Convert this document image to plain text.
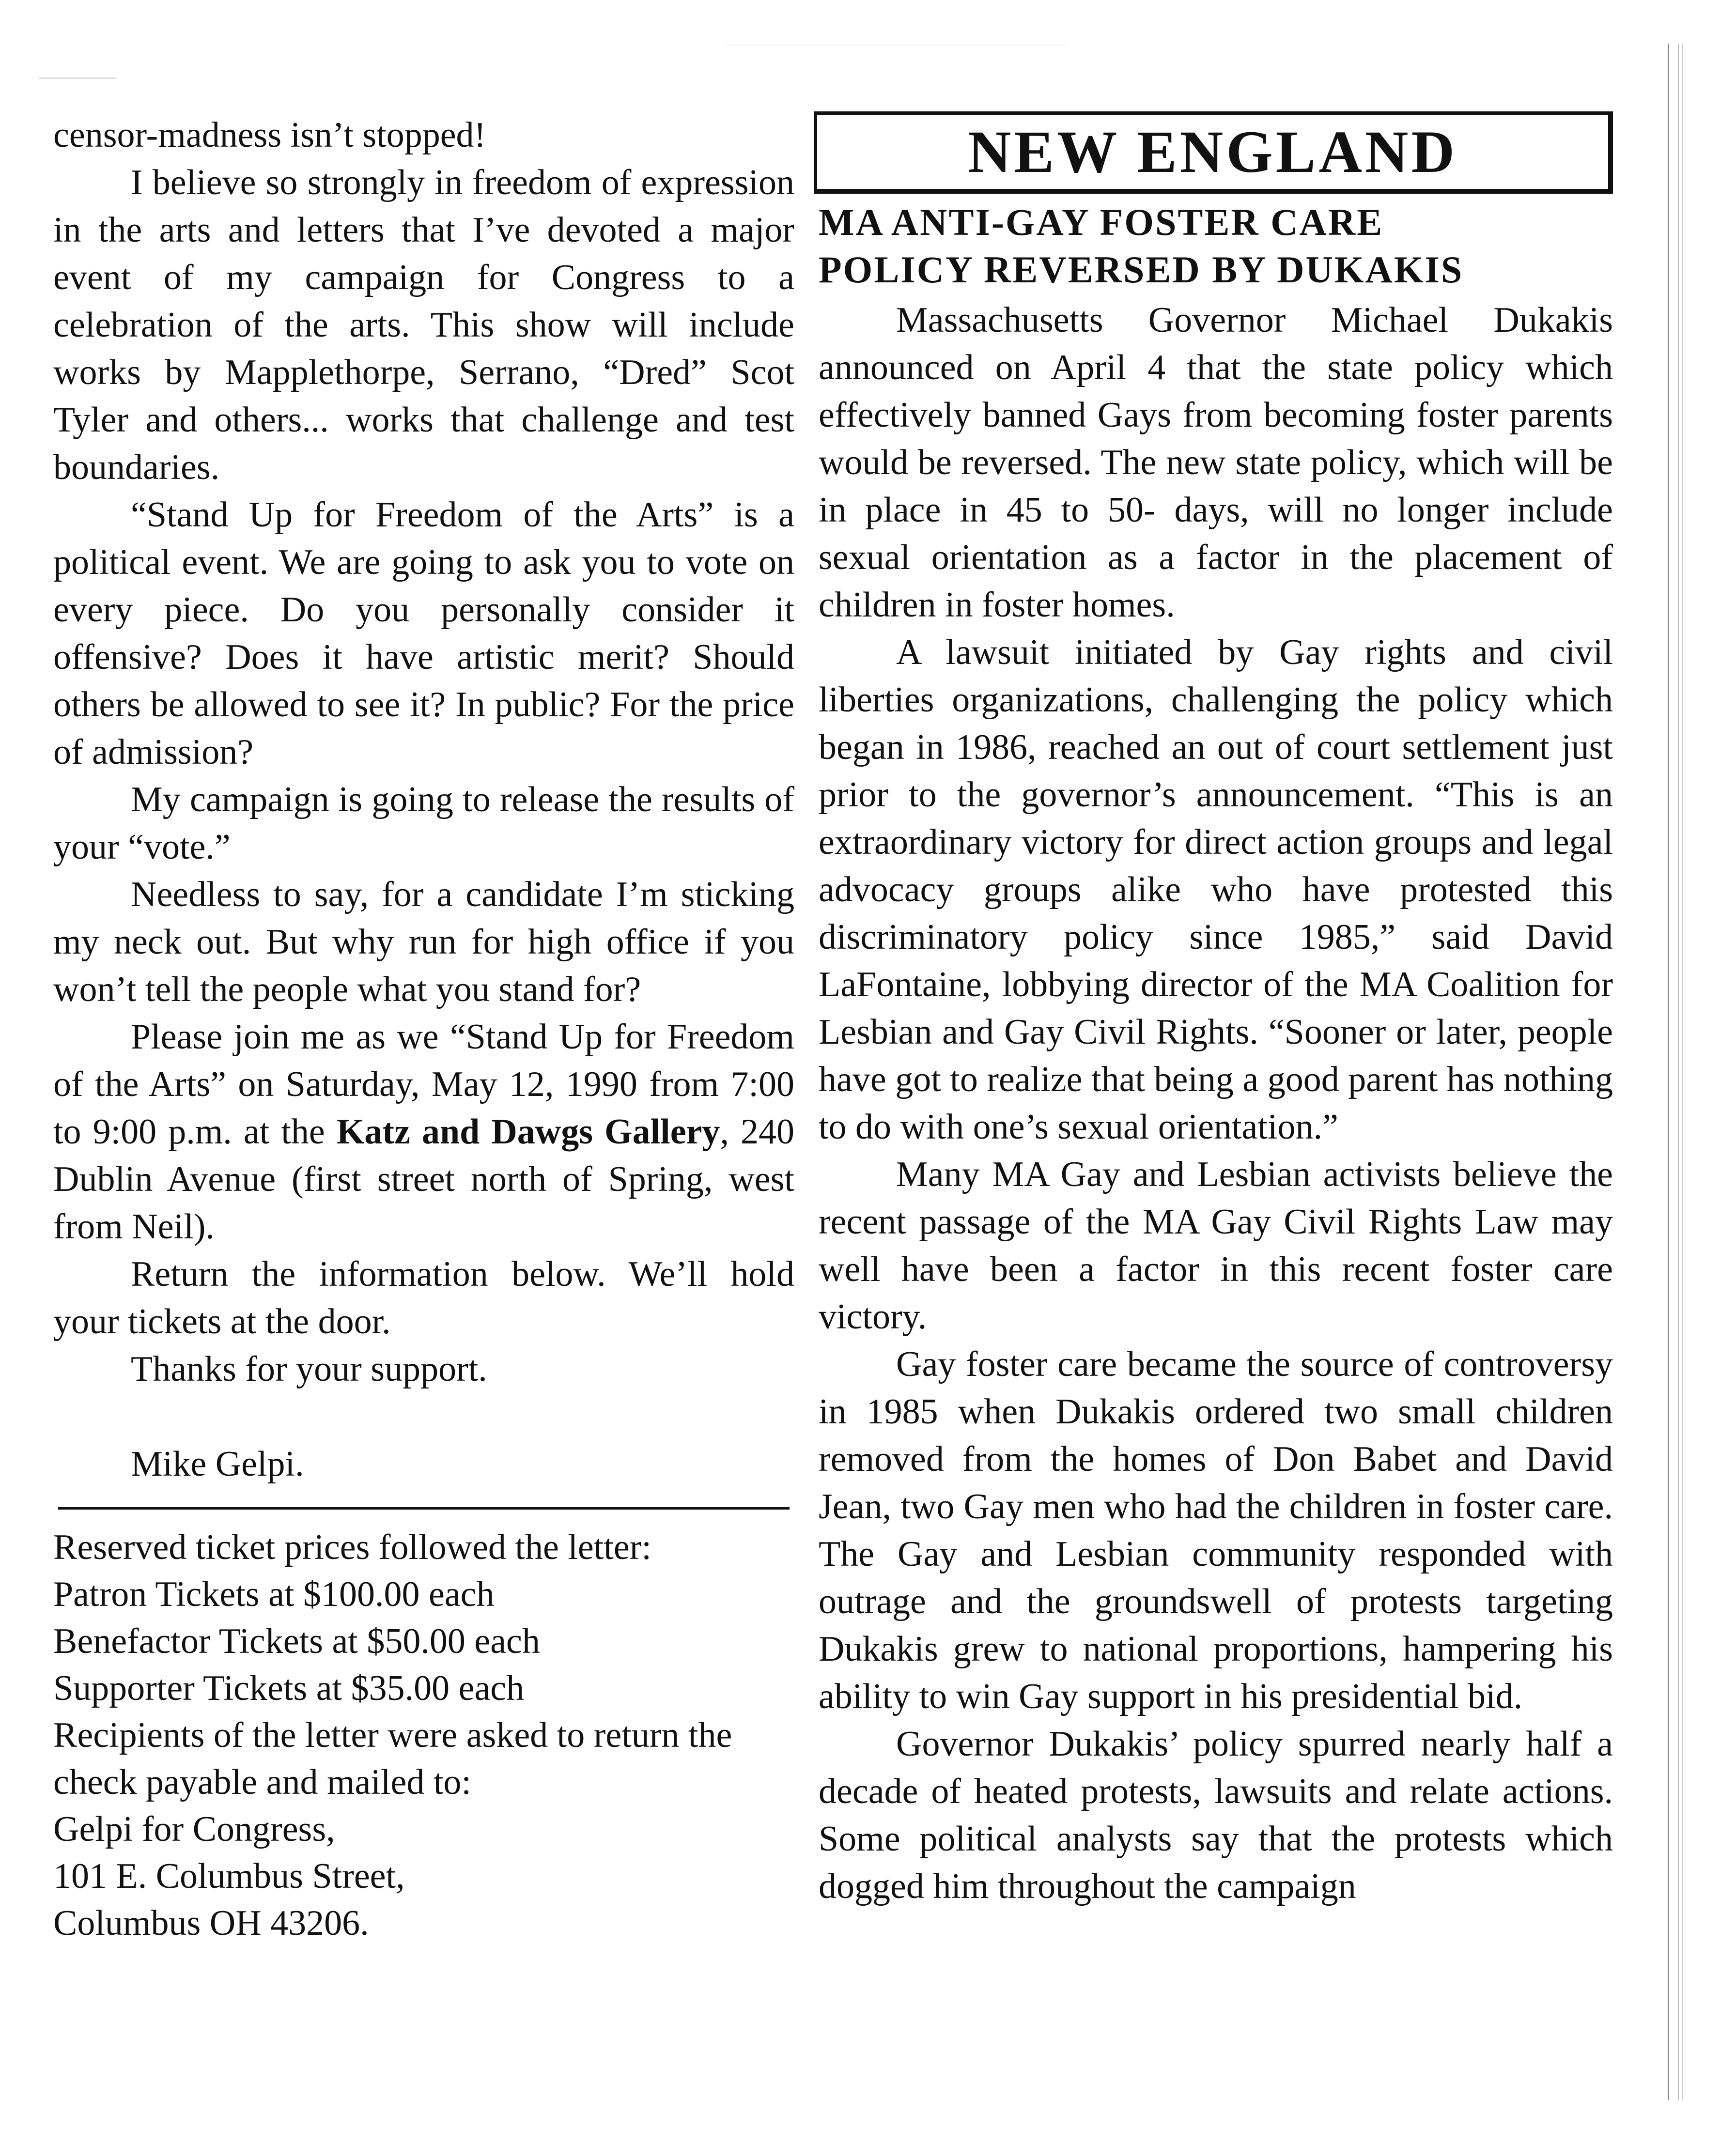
censor-madness isn’t stopped!

I believe so strongly in freedom of expression in the arts and letters that I’ve devoted a major event of my campaign for Congress to a celebration of the arts. This show will include works by Mapplethorpe, Serrano, “Dred” Scot Tyler and others... works that challenge and test boundaries.

“Stand Up for Freedom of the Arts” is a political event. We are going to ask you to vote on every piece. Do you personally consider it offensive? Does it have artistic merit? Should others be allowed to see it? In public? For the price of admission?

My campaign is going to release the results of your “vote.”

Needless to say, for a candidate I’m sticking my neck out. But why run for high office if you won’t tell the people what you stand for?

Please join me as we “Stand Up for Freedom of the Arts” on Saturday, May 12, 1990 from 7:00 to 9:00 p.m. at the Katz and Dawgs Gallery, 240 Dublin Avenue (first street north of Spring, west from Neil).

Return the information below. We’ll hold your tickets at the door.

Thanks for your support.

Mike Gelpi.

Reserved ticket prices followed the letter:
Patron Tickets at $100.00 each
Benefactor Tickets at $50.00 each
Supporter Tickets at $35.00 each
Recipients of the letter were asked to return the
check payable and mailed to:
Gelpi for Congress,
101 E. Columbus Street,
Columbus OH 43206.
NEW ENGLAND
MA ANTI-GAY FOSTER CARE
POLICY REVERSED BY DUKAKIS

Massachusetts Governor Michael Dukakis announced on April 4 that the state policy which effectively banned Gays from becoming foster parents would be reversed. The new state policy, which will be in place in 45 to 50- days, will no longer include sexual orientation as a factor in the placement of children in foster homes.

A lawsuit initiated by Gay rights and civil liberties organizations, challenging the policy which began in 1986, reached an out of court settlement just prior to the governor’s announcement. “This is an extraordinary victory for direct action groups and legal advocacy groups alike who have protested this discriminatory policy since 1985,” said David LaFontaine, lobbying director of the MA Coalition for Lesbian and Gay Civil Rights. “Sooner or later, people have got to realize that being a good parent has nothing to do with one’s sexual orientation.”

Many MA Gay and Lesbian activists believe the recent passage of the MA Gay Civil Rights Law may well have been a factor in this recent foster care victory.

Gay foster care became the source of controversy in 1985 when Dukakis ordered two small children removed from the homes of Don Babet and David Jean, two Gay men who had the children in foster care. The Gay and Lesbian community responded with outrage and the groundswell of protests targeting Dukakis grew to national proportions, hampering his ability to win Gay support in his presidential bid.

Governor Dukakis’ policy spurred nearly half a decade of heated protests, lawsuits and relate actions. Some political analysts say that the protests which dogged him throughout the campaign
